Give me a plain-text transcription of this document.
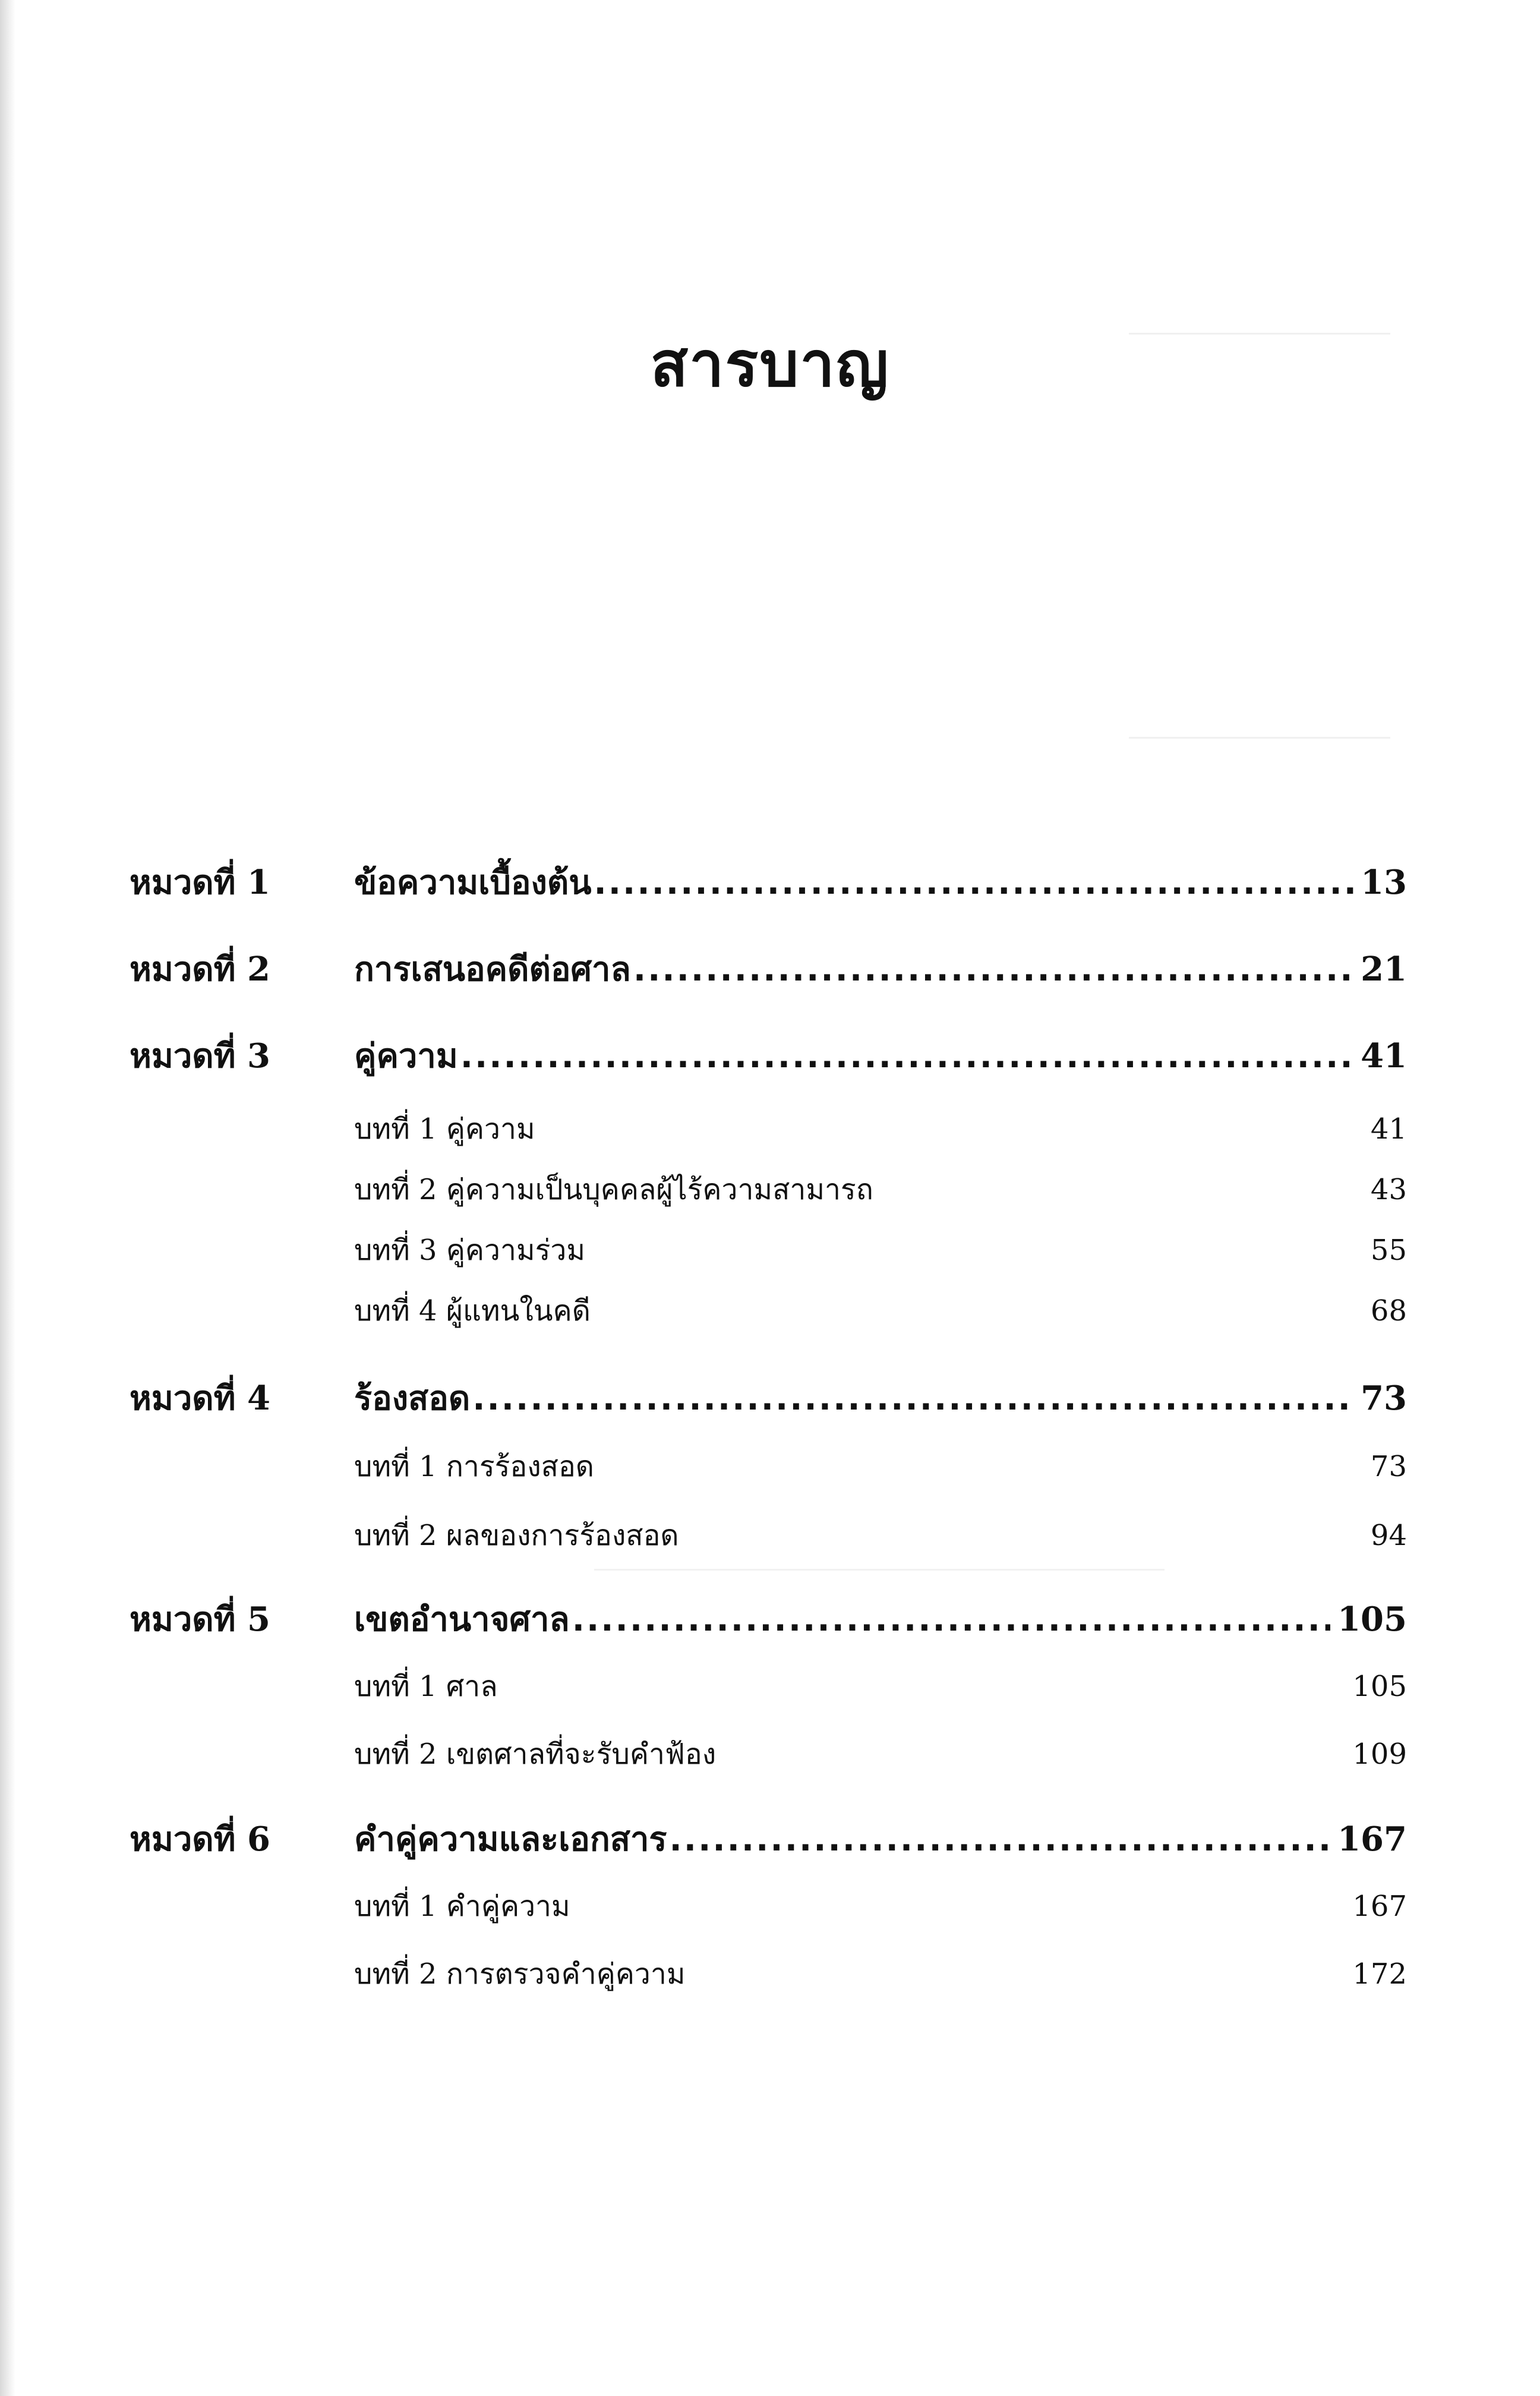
สารบาญ
หมวดที่ 1	ข้อความเบื้องต้น .....	13
หมวดที่ 2	การเสนอคดีต่อศาล .....	21
หมวดที่ 3	คู่ความ .....	41
บทที่ 1 คู่ความ	41
บทที่ 2 คู่ความเป็นบุคคลผู้ไร้ความสามารถ	43
บทที่ 3 คู่ความร่วม	55
บทที่ 4 ผู้แทนในคดี	68
หมวดที่ 4	ร้องสอด .....	73
บทที่ 1 การร้องสอด	73
บทที่ 2 ผลของการร้องสอด	94
หมวดที่ 5	เขตอำนาจศาล .....	105
บทที่ 1 ศาล	105
บทที่ 2 เขตศาลที่จะรับคำฟ้อง	109
หมวดที่ 6	คำคู่ความและเอกสาร .....	167
บทที่ 1 คำคู่ความ	167
บทที่ 2 การตรวจคำคู่ความ	172
